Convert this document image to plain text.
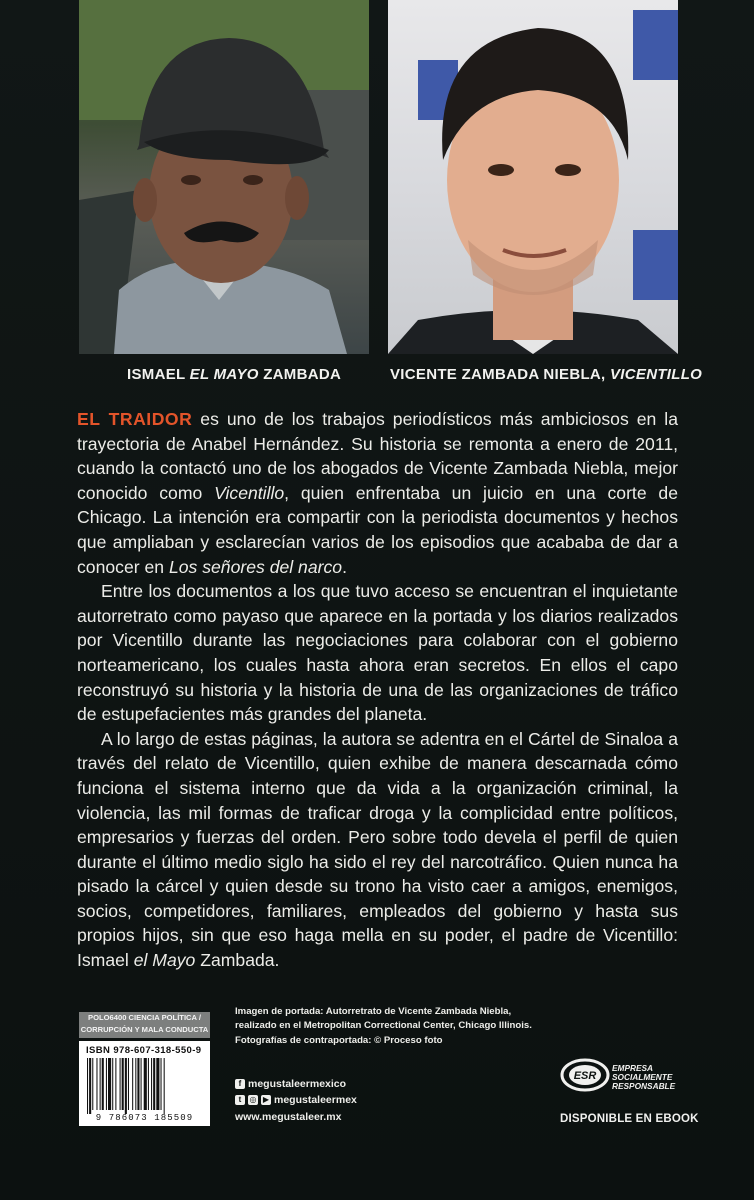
ISMAEL EL MAYO ZAMBADA	VICENTE ZAMBADA NIEBLA, VICENTILLO

EL TRAIDOR es uno de los trabajos periodísticos más ambiciosos en la trayectoria de Anabel Hernández. Su historia se remonta a enero de 2011, cuando la contactó uno de los abogados de Vicente Zambada Niebla, mejor conocido como Vicentillo, quien enfrentaba un juicio en una corte de Chicago. La intención era compartir con la periodista documentos y hechos que ampliaban y esclarecían varios de los episodios que acababa de dar a conocer en Los señores del narco.

Entre los documentos a los que tuvo acceso se encuentran el inquietante autorretrato como payaso que aparece en la portada y los diarios realizados por Vicentillo durante las negociaciones para colaborar con el gobierno norteamericano, los cuales hasta ahora eran secretos. En ellos el capo reconstruyó su historia y la historia de una de las organizaciones de tráfico de estupefacientes más grandes del planeta.

A lo largo de estas páginas, la autora se adentra en el Cártel de Sinaloa a través del relato de Vicentillo, quien exhibe de manera descarnada cómo funciona el sistema interno que da vida a la organización criminal, la violencia, las mil formas de traficar droga y la complicidad entre políticos, empresarios y fuerzas del orden. Pero sobre todo devela el perfil de quien durante el último medio siglo ha sido el rey del narcotráfico. Quien nunca ha pisado la cárcel y quien desde su trono ha visto caer a amigos, enemigos, socios, competidores, familiares, empleados del gobierno y hasta sus propios hijos, sin que eso haga mella en su poder, el padre de Vicentillo: Ismael el Mayo Zambada.

POLO6400 CIENCIA POLÍTICA /
CORRUPCIÓN Y MALA CONDUCTA
ISBN 978-607-318-550-9
9 786073 185509

Imagen de portada: Autorretrato de Vicente Zambada Niebla,

realizado en el Metropolitan Correctional Center, Chicago Illinois.

Fotografías de contraportada: © Proceso foto

f megustaleermexico
t	◎ ▶ megustaleermex
www.megustaleer.mx
ESR
EMPRESA
SOCIALMENTE
RESPONSABLE
DISPONIBLE EN EBOOK
